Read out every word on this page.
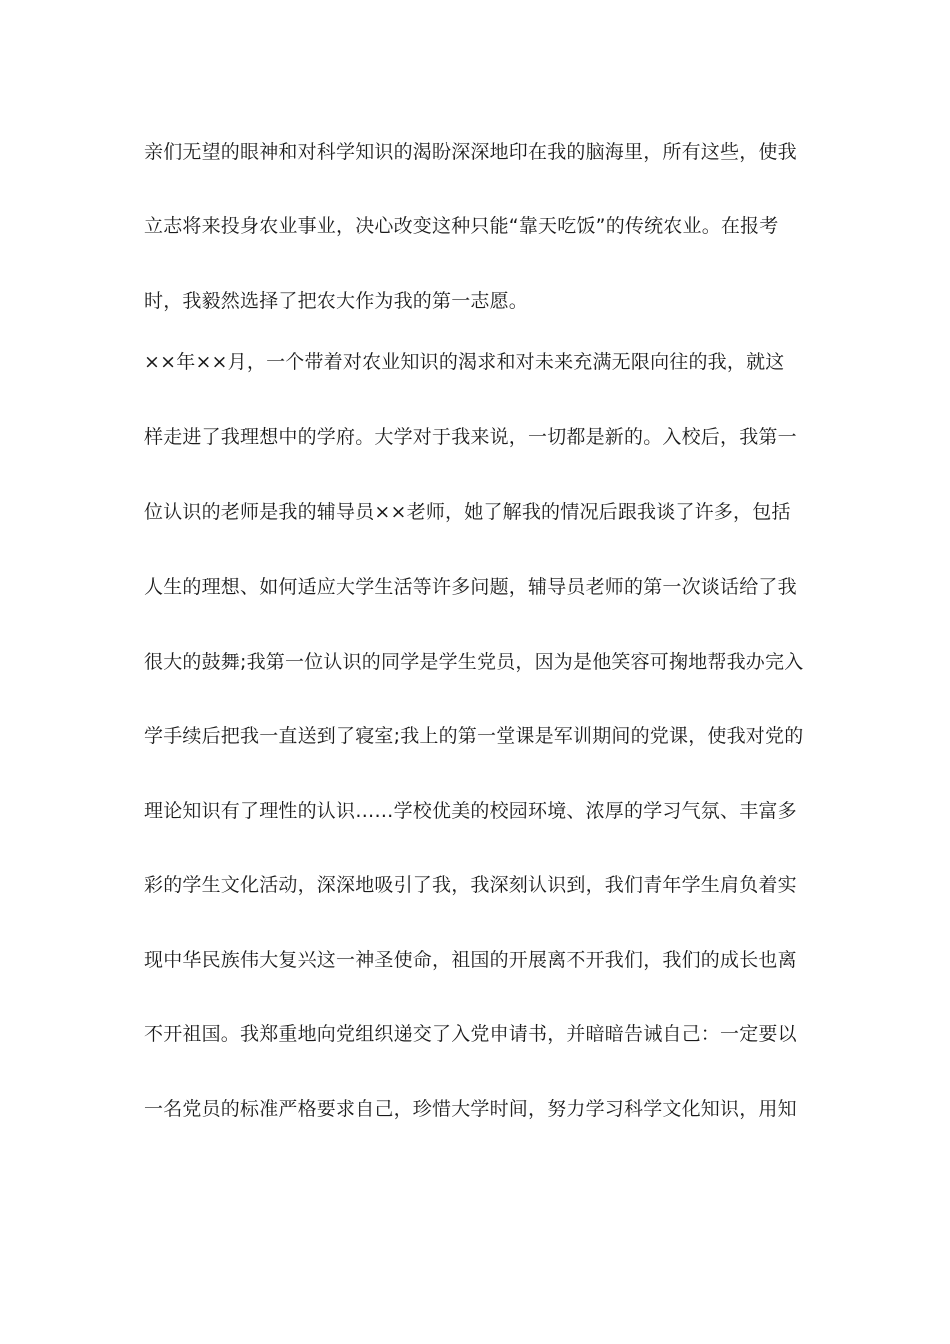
亲们无望的眼神和对科学知识的渴盼深深地印在我的脑海里，所有这些，使我
立志将来投身农业事业，决心改变这种只能“靠天吃饭”的传统农业。在报考
时，我毅然选择了把农大作为我的第一志愿。
××年××月，一个带着对农业知识的渴求和对未来充满无限向往的我，就这
样走进了我理想中的学府。大学对于我来说，一切都是新的。入校后，我第一
位认识的老师是我的辅导员××老师，她了解我的情况后跟我谈了许多，包括
人生的理想、如何适应大学生活等许多问题，辅导员老师的第一次谈话给了我
很大的鼓舞;我第一位认识的同学是学生党员，因为是他笑容可掬地帮我办完入
学手续后把我一直送到了寝室;我上的第一堂课是军训期间的党课，使我对党的
理论知识有了理性的认识……学校优美的校园环境、浓厚的学习气氛、丰富多
彩的学生文化活动，深深地吸引了我，我深刻认识到，我们青年学生肩负着实
现中华民族伟大复兴这一神圣使命，祖国的开展离不开我们，我们的成长也离
不开祖国。我郑重地向党组织递交了入党申请书，并暗暗告诫自己：一定要以
一名党员的标准严格要求自己，珍惜大学时间，努力学习科学文化知识，用知
